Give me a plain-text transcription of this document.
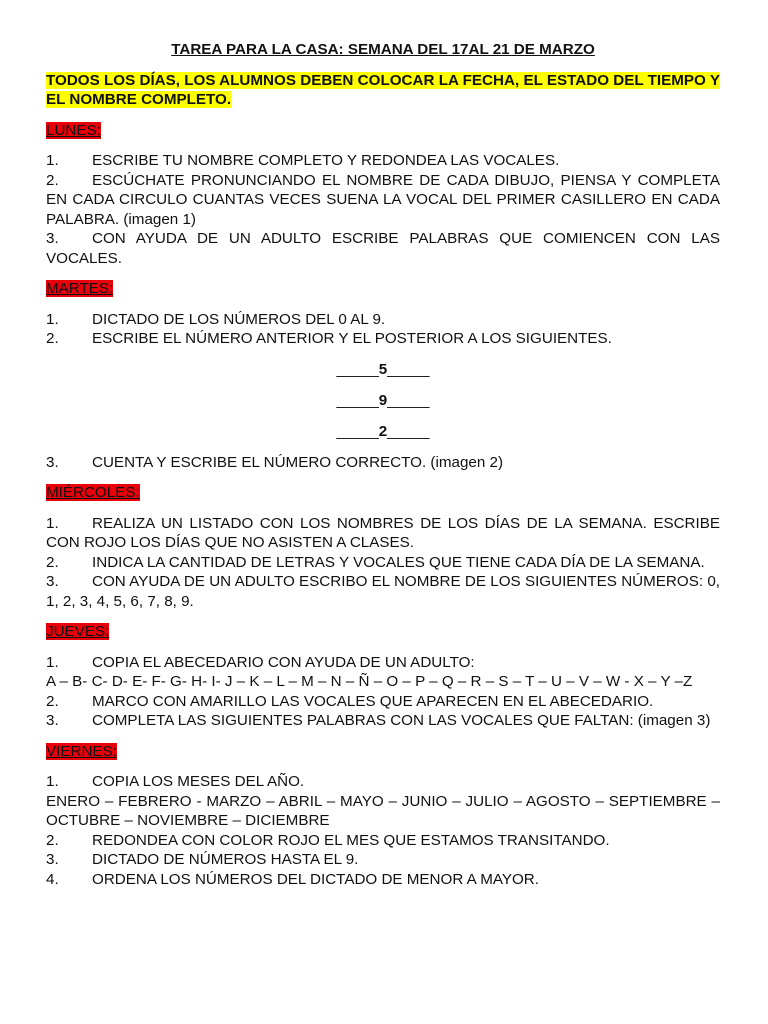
TAREA PARA LA CASA: SEMANA DEL 17AL 21 DE MARZO

TODOS LOS DÍAS, LOS ALUMNOS DEBEN COLOCAR LA FECHA, EL ESTADO DEL TIEMPO Y EL NOMBRE COMPLETO.

LUNES:

1. ESCRIBE TU NOMBRE COMPLETO Y REDONDEA LAS VOCALES.

2. ESCÚCHATE PRONUNCIANDO EL NOMBRE DE CADA DIBUJO, PIENSA Y COMPLETA EN CADA CIRCULO CUANTAS VECES SUENA LA VOCAL DEL PRIMER CASILLERO EN CADA PALABRA. (imagen 1)

3. CON AYUDA DE UN ADULTO ESCRIBE PALABRAS QUE COMIENCEN CON LAS VOCALES.

MARTES:

1. DICTADO DE LOS NÚMEROS DEL 0 AL 9.

2. ESCRIBE EL NÚMERO ANTERIOR Y EL POSTERIOR A LOS SIGUIENTES.

_____5_____

_____9_____

_____2_____

3. CUENTA Y ESCRIBE EL NÚMERO CORRECTO. (imagen 2)

MIÉRCOLES:

1. REALIZA UN LISTADO CON LOS NOMBRES DE LOS DÍAS DE LA SEMANA. ESCRIBE CON ROJO LOS DÍAS QUE NO ASISTEN A CLASES.

2. INDICA LA CANTIDAD DE LETRAS Y VOCALES QUE TIENE CADA DÍA DE LA SEMANA.

3. CON AYUDA DE UN ADULTO ESCRIBO EL NOMBRE DE LOS SIGUIENTES NÚMEROS: 0, 1, 2, 3, 4, 5, 6, 7, 8, 9.

JUEVES:

1. COPIA EL ABECEDARIO CON AYUDA DE UN ADULTO:

A – B- C- D- E- F- G- H- I- J – K – L – M – N – Ñ – O – P – Q – R – S – T – U – V – W - X – Y –Z

2. MARCO CON AMARILLO LAS VOCALES QUE APARECEN EN EL ABECEDARIO.

3. COMPLETA LAS SIGUIENTES PALABRAS CON LAS VOCALES QUE FALTAN: (imagen 3)

VIERNES:

1. COPIA LOS MESES DEL AÑO.

ENERO – FEBRERO - MARZO – ABRIL – MAYO – JUNIO – JULIO – AGOSTO – SEPTIEMBRE – OCTUBRE – NOVIEMBRE – DICIEMBRE

2. REDONDEA CON COLOR ROJO EL MES QUE ESTAMOS TRANSITANDO.

3. DICTADO DE NÚMEROS HASTA EL 9.

4. ORDENA LOS NÚMEROS DEL DICTADO DE MENOR A MAYOR.
